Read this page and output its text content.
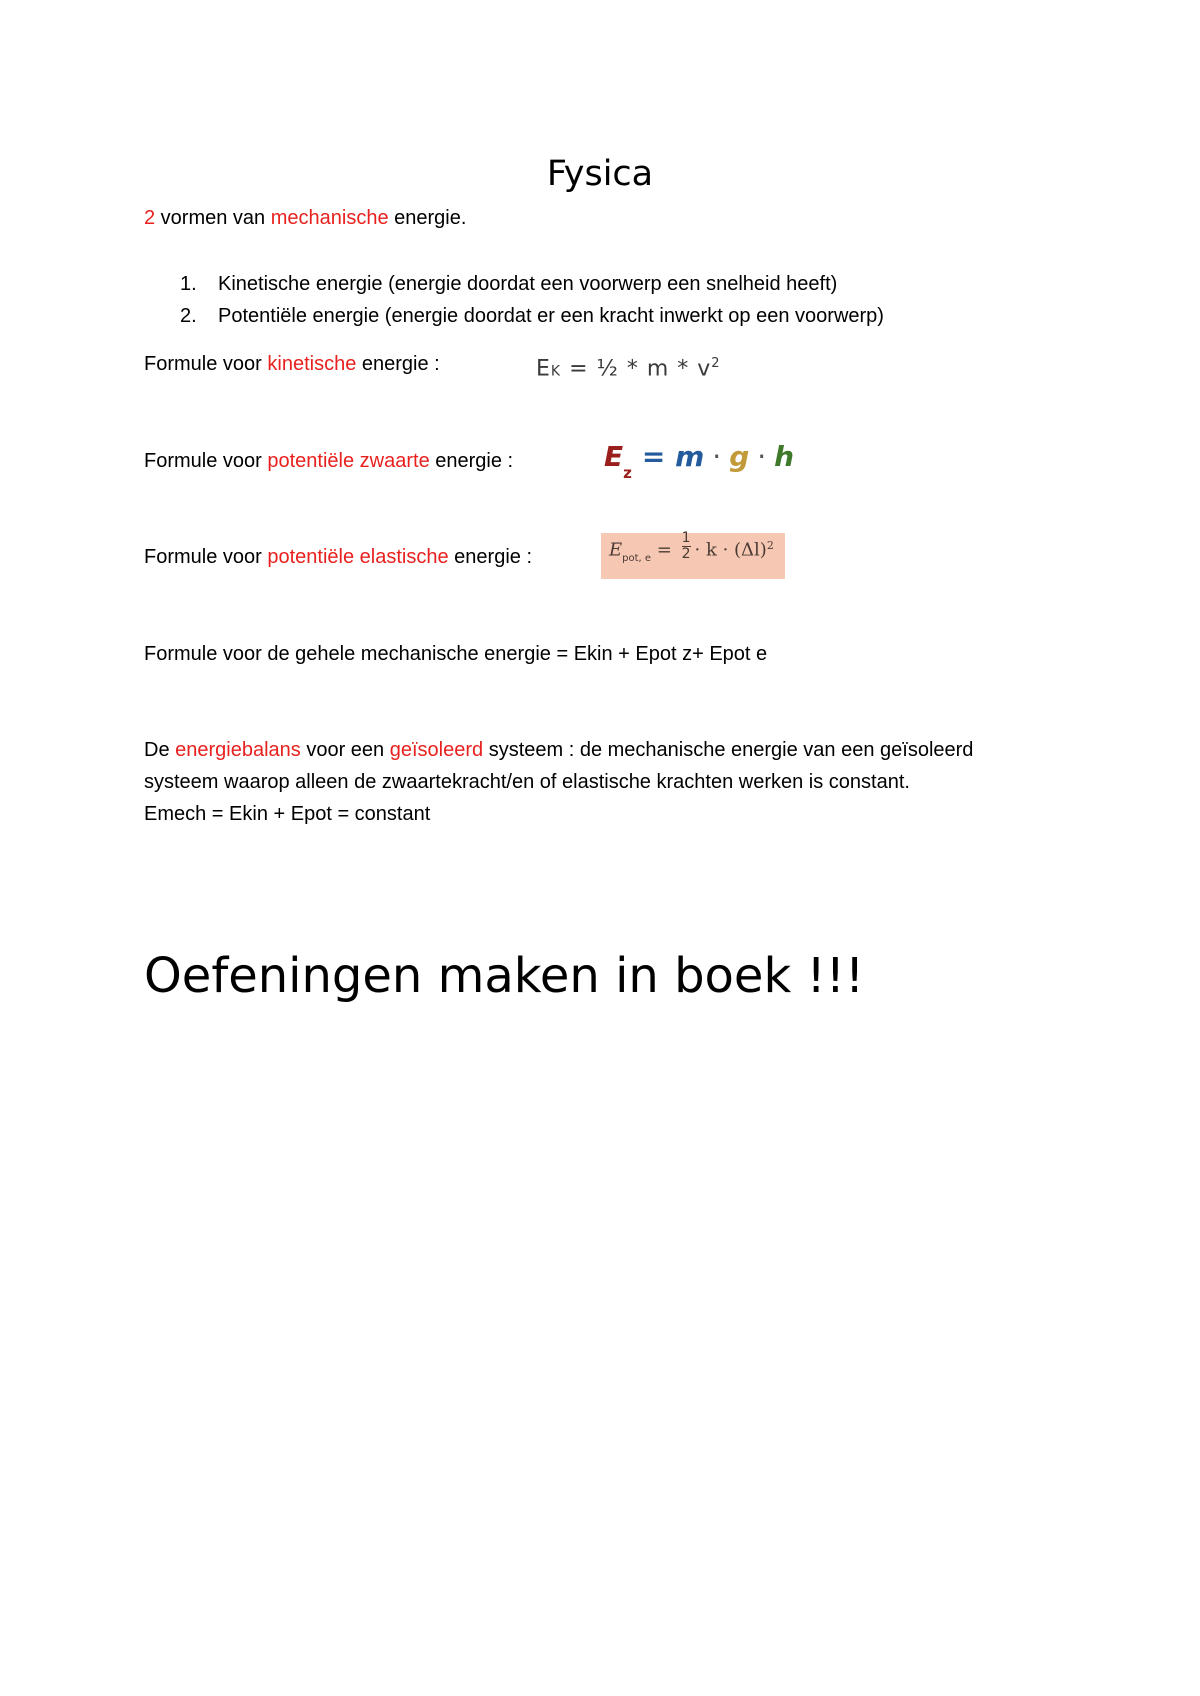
Fysica
2 vormen van mechanische energie.
1. Kinetische energie (energie doordat een voorwerp een snelheid heeft)
2. Potentiële energie (energie doordat er een kracht inwerkt op een voorwerp)
Formule voor kinetische energie :	EK = ½ * m * $v^2$
Formule voor potentiële zwaarte energie :	$E_z = m \cdot g \cdot h$
Formule voor potentiële elastische energie :	$E_{pot, e} = \frac{1}{2} \cdot k \cdot (\Delta l)^2$
Formule voor de gehele mechanische energie = Ekin + Epot z+ Epot e
De energiebalans voor een geïsoleerd systeem : de mechanische energie van een geïsoleerd
systeem waarop alleen de zwaartekracht/en of elastische krachten werken is constant.
Emech = Ekin + Epot = constant
Oefeningen maken in boek !!!
